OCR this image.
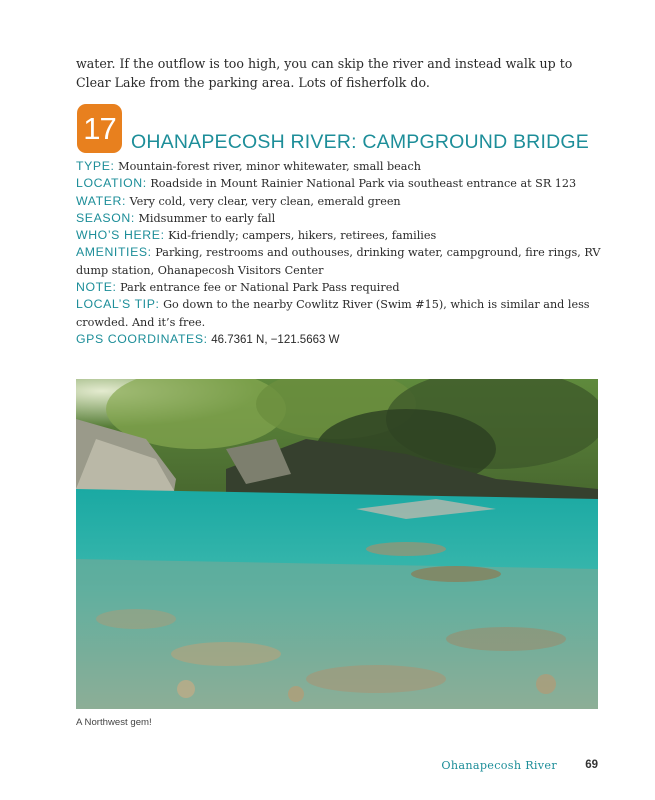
water. If the outflow is too high, you can skip the river and instead walk up to Clear Lake from the parking area. Lots of fisherfolk do.

17 OHANAPECOSH RIVER: CAMPGROUND BRIDGE
TYPE: Mountain-forest river, minor whitewater, small beach
LOCATION: Roadside in Mount Rainier National Park via southeast entrance at SR 123
WATER: Very cold, very clear, very clean, emerald green
SEASON: Midsummer to early fall
WHO’S HERE: Kid-friendly; campers, hikers, retirees, families
AMENITIES: Parking, restrooms and outhouses, drinking water, campground, fire rings, RV dump station, Ohanapecosh Visitors Center
NOTE: Park entrance fee or National Park Pass required
LOCAL’S TIP: Go down to the nearby Cowlitz River (Swim #15), which is similar and less crowded. And it’s free.
GPS COORDINATES: 46.7361 N, −121.5663 W

A Northwest gem!

Ohanapecosh River 69
